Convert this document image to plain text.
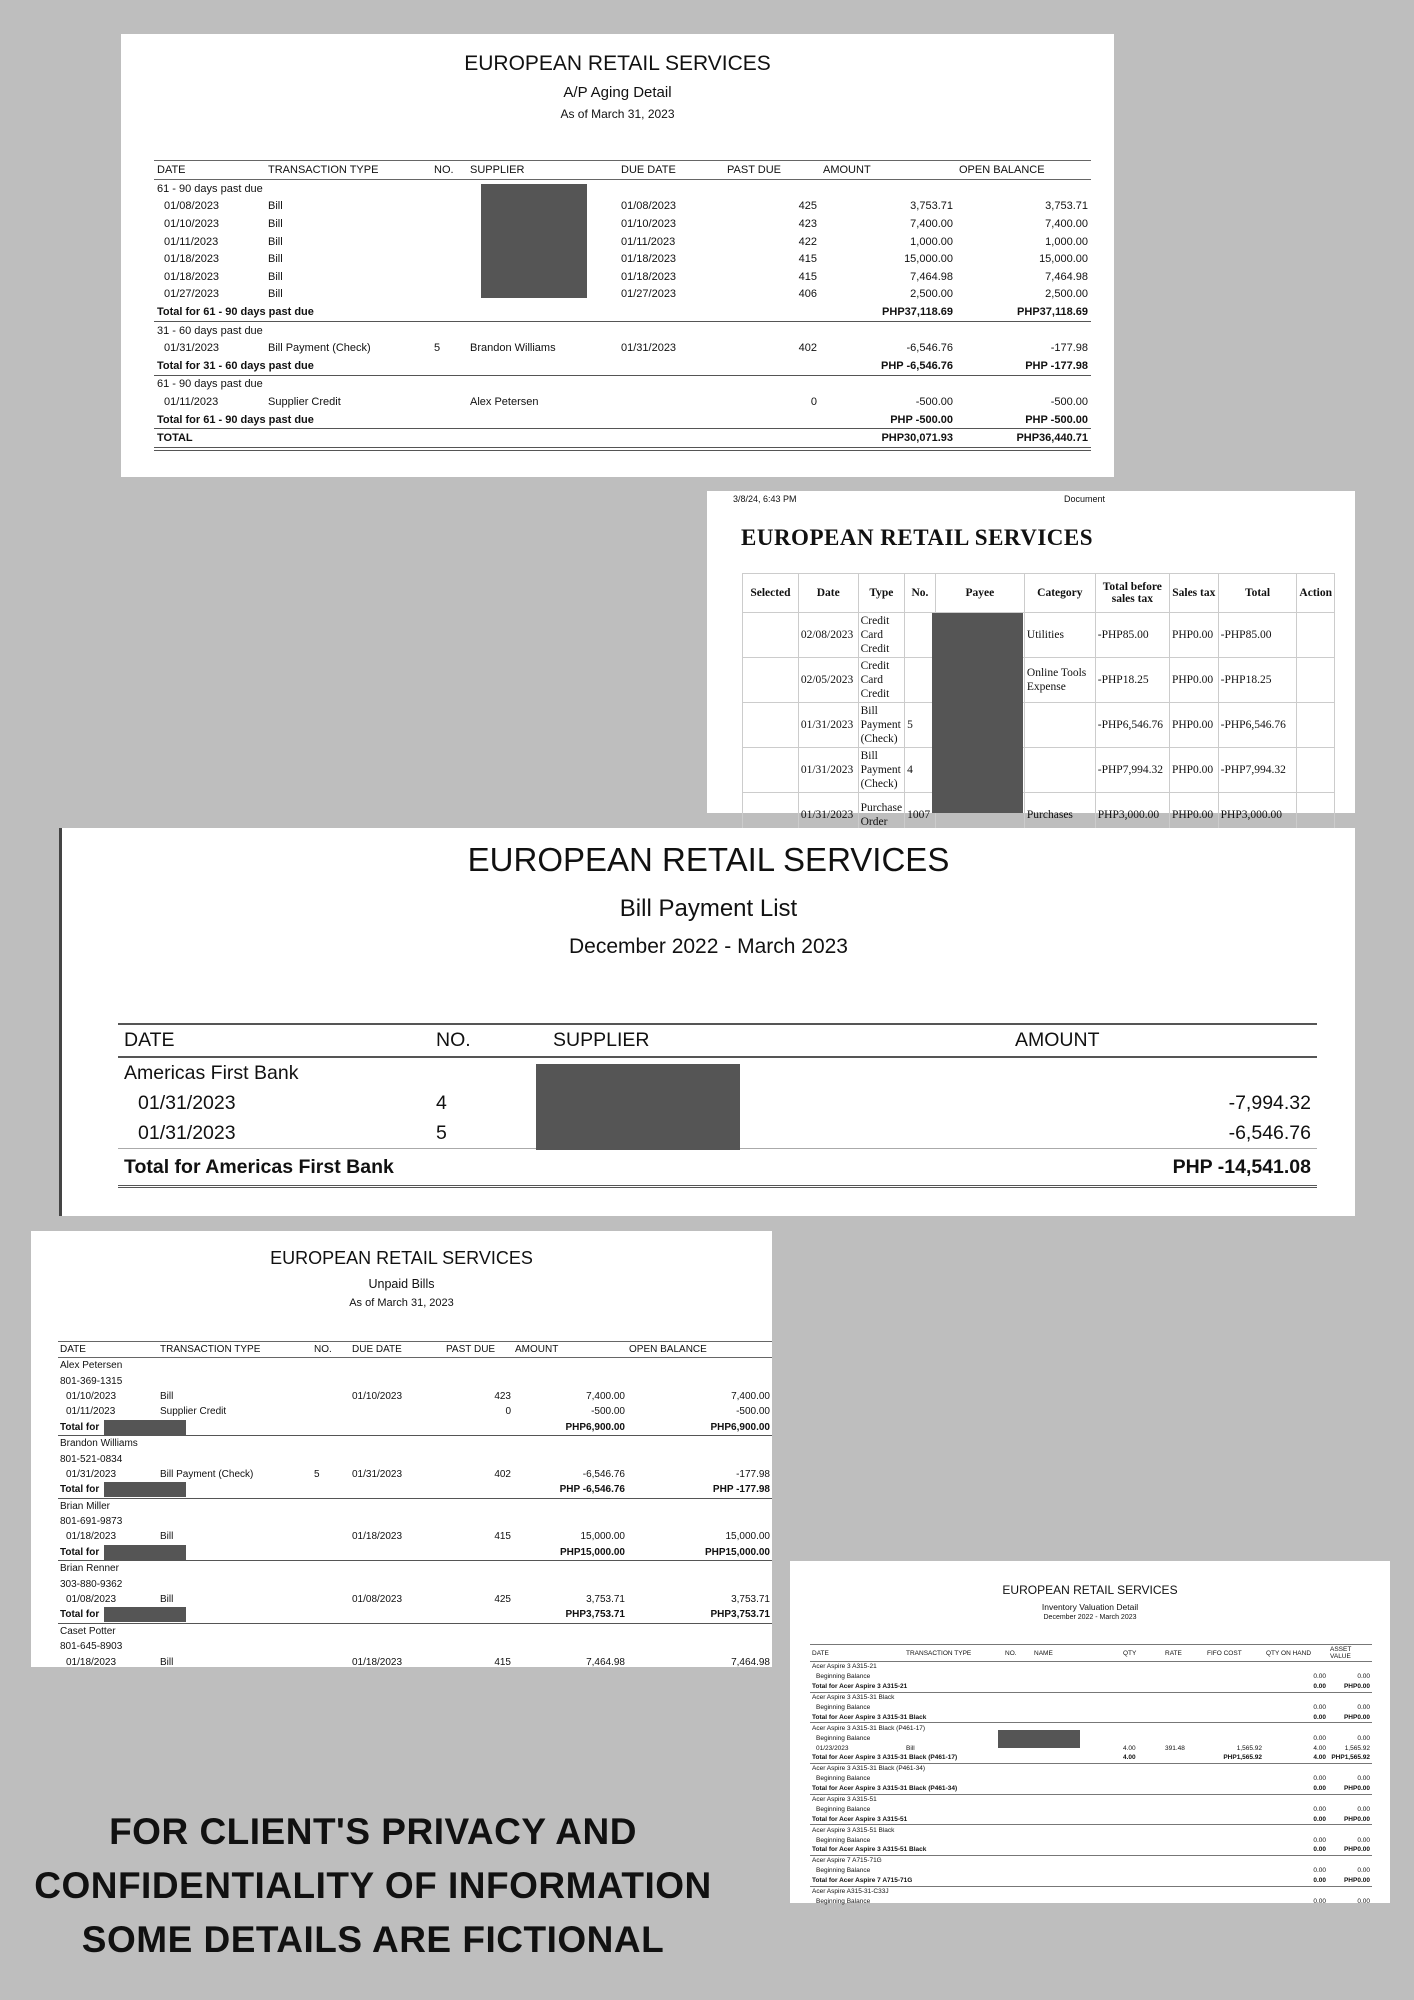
EUROPEAN RETAIL SERVICES
A/P Aging Detail
As of March 31, 2023
DATE	TRANSACTION TYPE	NO.	SUPPLIER	DUE DATE	PAST DUE	AMOUNT	OPEN BALANCE
61 - 90 days past due							
01/08/2023	Bill			01/08/2023	425	3,753.71	3,753.71
01/10/2023	Bill			01/10/2023	423	7,400.00	7,400.00
01/11/2023	Bill			01/11/2023	422	1,000.00	1,000.00
01/18/2023	Bill			01/18/2023	415	15,000.00	15,000.00
01/18/2023	Bill			01/18/2023	415	7,464.98	7,464.98
01/27/2023	Bill			01/27/2023	406	2,500.00	2,500.00
Total for 61 - 90 days past due						PHP37,118.69	PHP37,118.69
31 - 60 days past due							
01/31/2023	Bill Payment (Check)	5	Brandon Williams	01/31/2023	402	-6,546.76	-177.98
Total for 31 - 60 days past due						PHP -6,546.76	PHP -177.98
61 - 90 days past due							
01/11/2023	Supplier Credit		Alex Petersen		0	-500.00	-500.00
Total for 61 - 90 days past due						PHP -500.00	PHP -500.00
TOTAL						PHP30,071.93	PHP36,440.71
3/8/24, 6:43 PM	Document
EUROPEAN RETAIL SERVICES
Selected	Date	Type	No.	Payee	Category	Total before sales tax	Sales tax	Total	Action
	02/08/2023	Credit Card Credit			Utilities	-PHP85.00	PHP0.00	-PHP85.00	
	02/05/2023	Credit Card Credit			Online Tools Expense	-PHP18.25	PHP0.00	-PHP18.25	
	01/31/2023	Bill Payment (Check)	5			-PHP6,546.76	PHP0.00	-PHP6,546.76	
	01/31/2023	Bill Payment (Check)	4			-PHP7,994.32	PHP0.00	-PHP7,994.32	
	01/31/2023	Purchase Order	1007		Purchases	PHP3,000.00	PHP0.00	PHP3,000.00	
EUROPEAN RETAIL SERVICES
Bill Payment List
December 2022 - March 2023
DATE	NO.	SUPPLIER	AMOUNT
Americas First Bank			
01/31/2023	4		-7,994.32
01/31/2023	5		-6,546.76
Total for Americas First Bank			PHP -14,541.08
EUROPEAN RETAIL SERVICES
Unpaid Bills
As of March 31, 2023
DATE	TRANSACTION TYPE	NO.	DUE DATE	PAST DUE	AMOUNT	OPEN BALANCE
Alex Petersen						
801-369-1315						
01/10/2023	Bill		01/10/2023	423	7,400.00	7,400.00
01/11/2023	Supplier Credit			0	-500.00	-500.00
Total for					PHP6,900.00	PHP6,900.00
Brandon Williams						
801-521-0834						
01/31/2023	Bill Payment (Check)	5	01/31/2023	402	-6,546.76	-177.98
Total for					PHP -6,546.76	PHP -177.98
Brian Miller						
801-691-9873						
01/18/2023	Bill		01/18/2023	415	15,000.00	15,000.00
Total for					PHP15,000.00	PHP15,000.00
Brian Renner						
303-880-9362						
01/08/2023	Bill		01/08/2023	425	3,753.71	3,753.71
Total for					PHP3,753.71	PHP3,753.71
Caset Potter						
801-645-8903						
01/18/2023	Bill		01/18/2023	415	7,464.98	7,464.98
EUROPEAN RETAIL SERVICES
Inventory Valuation Detail
December 2022 - March 2023
DATE	TRANSACTION TYPE	NO.	NAME	QTY	RATE	FIFO COST	QTY ON HAND	ASSET VALUE
Acer Aspire 3 A315-21								
Beginning Balance							0.00	0.00
Total for Acer Aspire 3 A315-21							0.00	PHP0.00
Acer Aspire 3 A315-31 Black								
Beginning Balance							0.00	0.00
Total for Acer Aspire 3 A315-31 Black							0.00	PHP0.00
Acer Aspire 3 A315-31 Black (P461-17)								
Beginning Balance							0.00	0.00
01/23/2023	Bill			4.00	391.48	1,565.92	4.00	1,565.92
Total for Acer Aspire 3 A315-31 Black (P461-17)				4.00		PHP1,565.92	4.00	PHP1,565.92
Acer Aspire 3 A315-31 Black (P461-34)								
Beginning Balance							0.00	0.00
Total for Acer Aspire 3 A315-31 Black (P461-34)							0.00	PHP0.00
Acer Aspire 3 A315-51								
Beginning Balance							0.00	0.00
Total for Acer Aspire 3 A315-51							0.00	PHP0.00
Acer Aspire 3 A315-51 Black								
Beginning Balance							0.00	0.00
Total for Acer Aspire 3 A315-51 Black							0.00	PHP0.00
Acer Aspire 7 A715-71G								
Beginning Balance							0.00	0.00
Total for Acer Aspire 7 A715-71G							0.00	PHP0.00
Acer Aspire A315-31-C33J								
Beginning Balance							0.00	0.00
FOR CLIENT'S PRIVACY AND
CONFIDENTIALITY OF INFORMATION
SOME DETAILS ARE FICTIONAL
